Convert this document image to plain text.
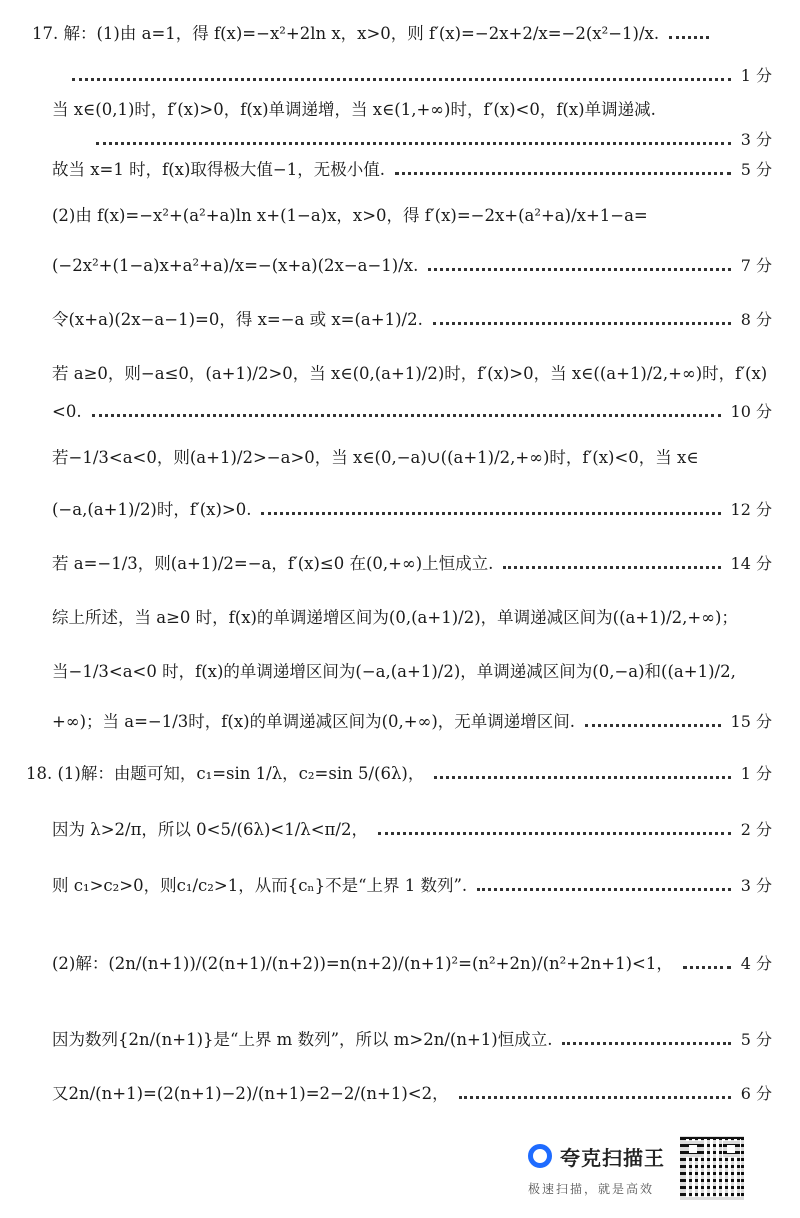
17. 解：(1)由 a=1，得 f(x)=−x²+2ln x，x>0，则 f′(x)=−2x+2/x=−2(x²−1)/x.
1 分
当 x∈(0,1)时，f′(x)>0，f(x)单调递增，当 x∈(1,+∞)时，f′(x)<0，f(x)单调递减.
3 分
故当 x=1 时，f(x)取得极大值−1，无极小值.	5 分
(2)由 f(x)=−x²+(a²+a)ln x+(1−a)x，x>0，得 f′(x)=−2x+(a²+a)/x+1−a=
(−2x²+(1−a)x+a²+a)/x=−(x+a)(2x−a−1)/x.	7 分
令(x+a)(2x−a−1)=0，得 x=−a 或 x=(a+1)/2.	8 分
若 a≥0，则−a≤0，(a+1)/2>0，当 x∈(0,(a+1)/2)时，f′(x)>0，当 x∈((a+1)/2,+∞)时，f′(x)
<0.	10 分
若−1/3<a<0，则(a+1)/2>−a>0，当 x∈(0,−a)∪((a+1)/2,+∞)时，f′(x)<0，当 x∈
(−a,(a+1)/2)时，f′(x)>0.	12 分
若 a=−1/3，则(a+1)/2=−a，f′(x)≤0 在(0,+∞)上恒成立.	14 分
综上所述，当 a≥0 时，f(x)的单调递增区间为(0,(a+1)/2)，单调递减区间为((a+1)/2,+∞)；
当−1/3<a<0 时，f(x)的单调递增区间为(−a,(a+1)/2)，单调递减区间为(0,−a)和((a+1)/2,
+∞)；当 a=−1/3时，f(x)的单调递减区间为(0,+∞)，无单调递增区间.	15 分
18. (1)解：由题可知，c₁=sin 1/λ，c₂=sin 5/(6λ)，	1 分
因为 λ>2/π，所以 0<5/(6λ)<1/λ<π/2，	2 分
则 c₁>c₂>0，则c₁/c₂>1，从而{cₙ}不是“上界 1 数列”.	3 分
(2)解：(2n/(n+1))/(2(n+1)/(n+2))=n(n+2)/(n+1)²=(n²+2n)/(n²+2n+1)<1，	4 分
因为数列{2n/(n+1)}是“上界 m 数列”，所以 m>2n/(n+1)恒成立.	5 分
又2n/(n+1)=(2(n+1)−2)/(n+1)=2−2/(n+1)<2，	6 分
夸克扫描王
极速扫描，就是高效
